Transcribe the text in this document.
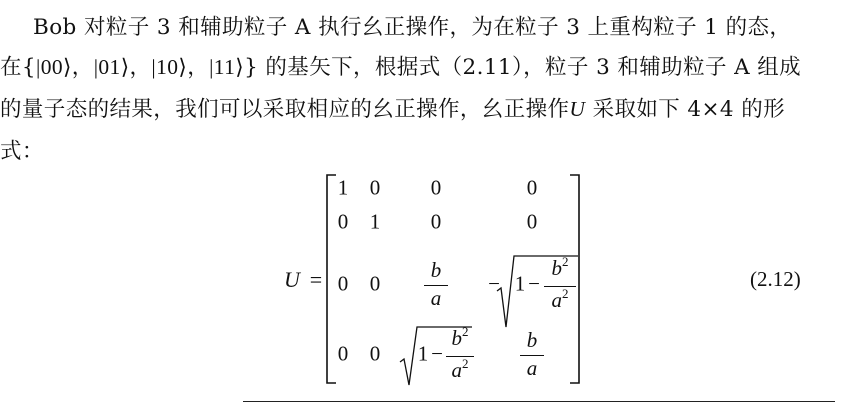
Bob 对粒子 3 和辅助粒子 A 执行幺正操作，为在粒子 3 上重构粒子 1 的态，
在{|00⟩，|01⟩，|10⟩，|11⟩} 的基矢下，根据式（2.11），粒子 3 和辅助粒子 A 组成
的量子态的结果，我们可以采取相应的幺正操作，幺正操作U 采取如下 4×4 的形
式：
U =
1 0 0	0
0 1 0	0
0 0
b
a
− 1 −
$b^2$
$a^2$
0 0 1 −
$b^2$
$a^2$
b
a
(2.12)
